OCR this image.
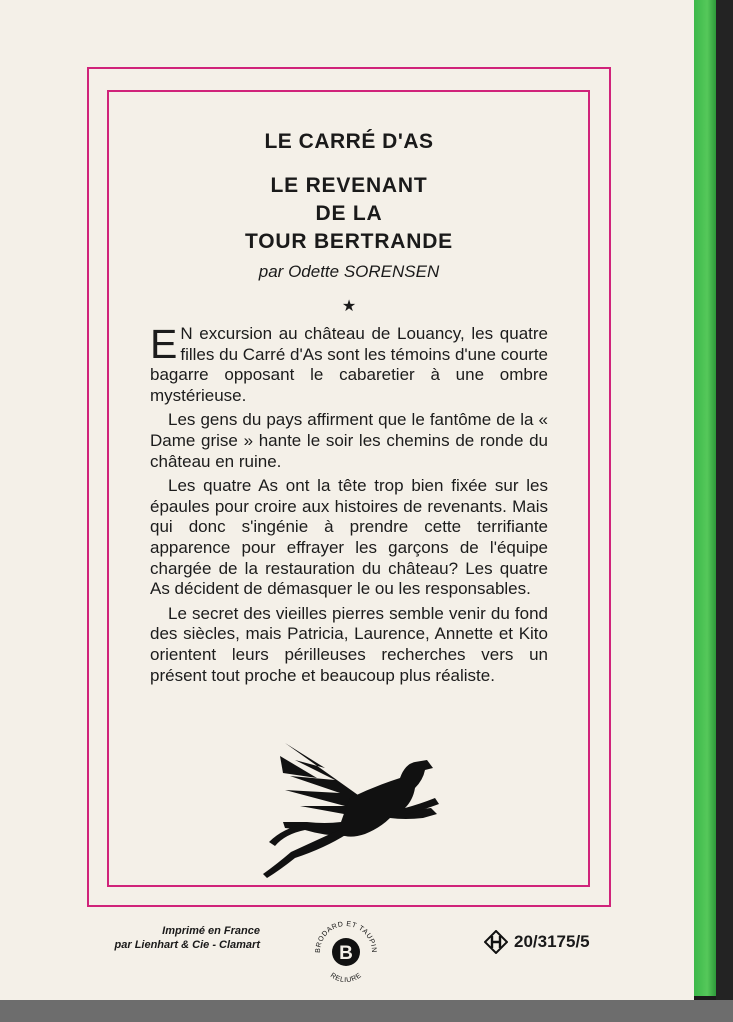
LE CARRÉ D'AS
LE REVENANT
DE LA
TOUR BERTRANDE
par Odette SORENSEN
★

E N excursion au château de Louancy, les quatre filles du Carré d'As sont les témoins d'une courte bagarre opposant le cabaretier à une ombre mystérieuse.

Les gens du pays affirment que le fantôme de la « Dame grise » hante le soir les chemins de ronde du château en ruine.

Les quatre As ont la tête trop bien fixée sur les épaules pour croire aux histoires de revenants. Mais qui donc s'ingénie à prendre cette terrifiante apparence pour effrayer les garçons de l'équipe chargée de la restauration du château? Les quatre As décident de démasquer le ou les responsables.

Le secret des vieilles pierres semble venir du fond des siècles, mais Patricia, Laurence, Annette et Kito orientent leurs périlleuses recherches vers un présent tout proche et beaucoup plus réaliste.

Imprimé en France
par Lienhart & Cie - Clamart	B
BRODARD ET TAUPIN
RELIURE
20/3175/5
